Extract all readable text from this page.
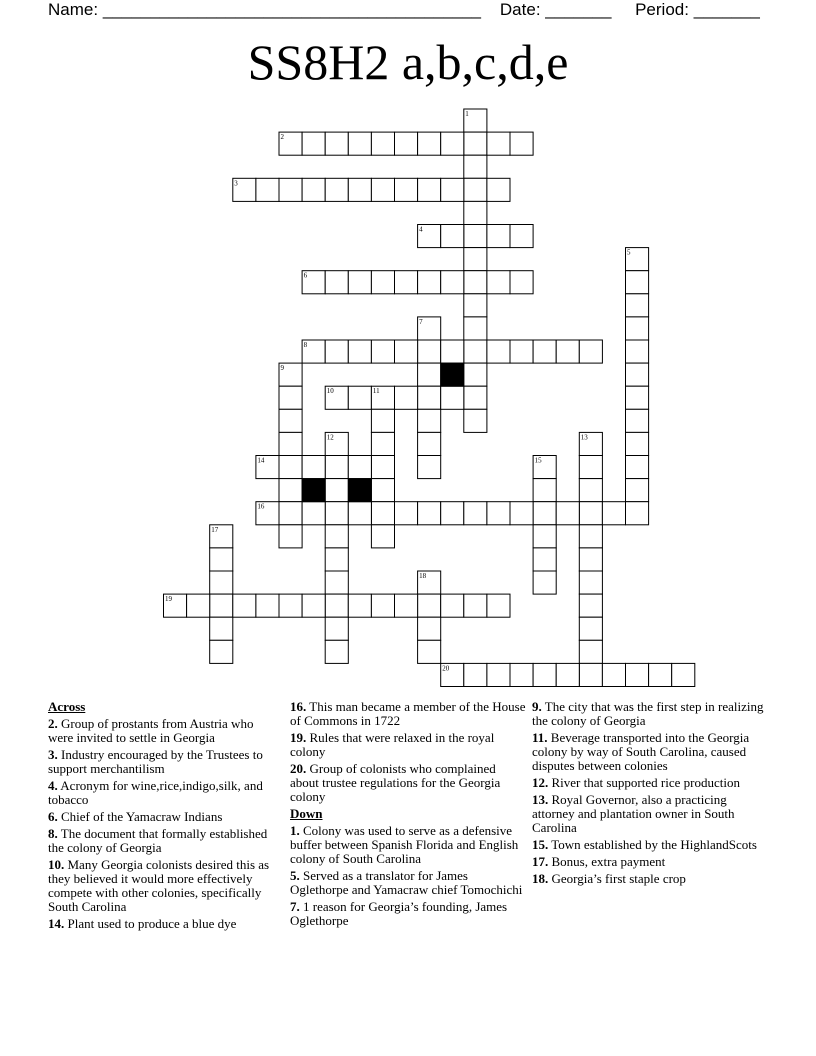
Name: ________________________________________ Date: _______ Period: _______
SS8H2 a,b,c,d,e
1
2
3
4
5
6
7
8
9
10	11
12	13
14	15
16
17
18
19
20
Across
2. Group of prostants from Austria who were invited to settle in Georgia
3. Industry encouraged by the Trustees to support merchantilism
4. Acronym for wine,rice,indigo,silk, and tobacco
6. Chief of the Yamacraw Indians
8. The document that formally established the colony of Georgia
10. Many Georgia colonists desired this as they believed it would more effectively compete with other colonies, specifically South Carolina
14. Plant used to produce a blue dye
16. This man became a member of the House of Commons in 1722
19. Rules that were relaxed in the royal colony
20. Group of colonists who complained about trustee regulations for the Georgia colony
Down
1. Colony was used to serve as a defensive buffer between Spanish Florida and English colony of South Carolina
5. Served as a translator for James Oglethorpe and Yamacraw chief Tomochichi
7. 1 reason for Georgia’s founding, James Oglethorpe
9. The city that was the first step in realizing the colony of Georgia
11. Beverage transported into the Georgia colony by way of South Carolina, caused disputes between colonies
12. River that supported rice production
13. Royal Governor, also a practicing attorney and plantation owner in South Carolina
15. Town established by the HighlandScots
17. Bonus, extra payment
18. Georgia’s first staple crop
